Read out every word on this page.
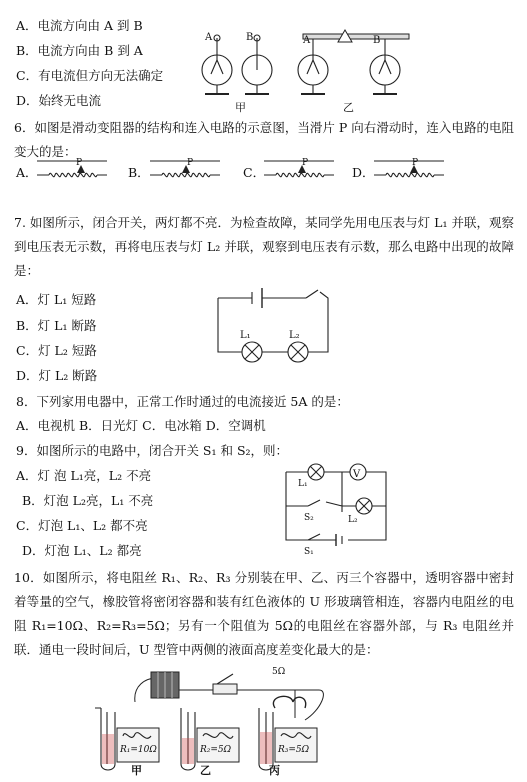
A．电流方向由 A 到 B
B．电流方向由 B 到 A
C．有电流但方向无法确定
D．始终无电流
A	B	A	B
甲	乙
6．如图是滑动变阻器的结构和连入电路的示意图，当滑片 P 向右滑动时，连入电路的电阻变大的是：
A．	B．	C．	D．
P	P	P	P
7. 如图所示，闭合开关，两灯都不亮．为检查故障，某同学先用电压表与灯 L₁ 并联，观察到电压表无示数，再将电压表与灯 L₂ 并联，观察到电压表有示数，那么电路中出现的故障是：
A．灯 L₁ 短路
B．灯 L₁ 断路
C．灯 L₂ 短路
D．灯 L₂ 断路
L₁	L₂
8．下列家用电器中，正常工作时通过的电流接近 5A 的是：
A．电视机 B．日光灯 C．电冰箱 D．空调机
9．如图所示的电路中，闭合开关 S₁ 和 S₂，则：
A．灯 泡 L₁亮，L₂ 不亮
B．灯泡 L₂亮，L₁ 不亮
C．灯泡 L₁、L₂ 都不亮
D．灯泡 L₁、L₂ 都亮
V
L₁
L₂
S₂
S₁
10．如图所示，将电阻丝 R₁、R₂、R₃ 分别装在甲、乙、丙三个容器中，透明容器中密封着等量的空气，橡胶管将密闭容器和装有红色液体的 U 形玻璃管相连，容器内电阻丝的电阻 R₁=10Ω、R₂=R₃=5Ω；另有一个阻值为 5Ω的电阻丝在容器外部，与 R₃ 电阻丝并联．通电一段时间后，U 型管中两侧的液面高度差变化最大的是：
5Ω
R₁=10Ω	R₂=5Ω	R₃=5Ω
甲	乙	丙
